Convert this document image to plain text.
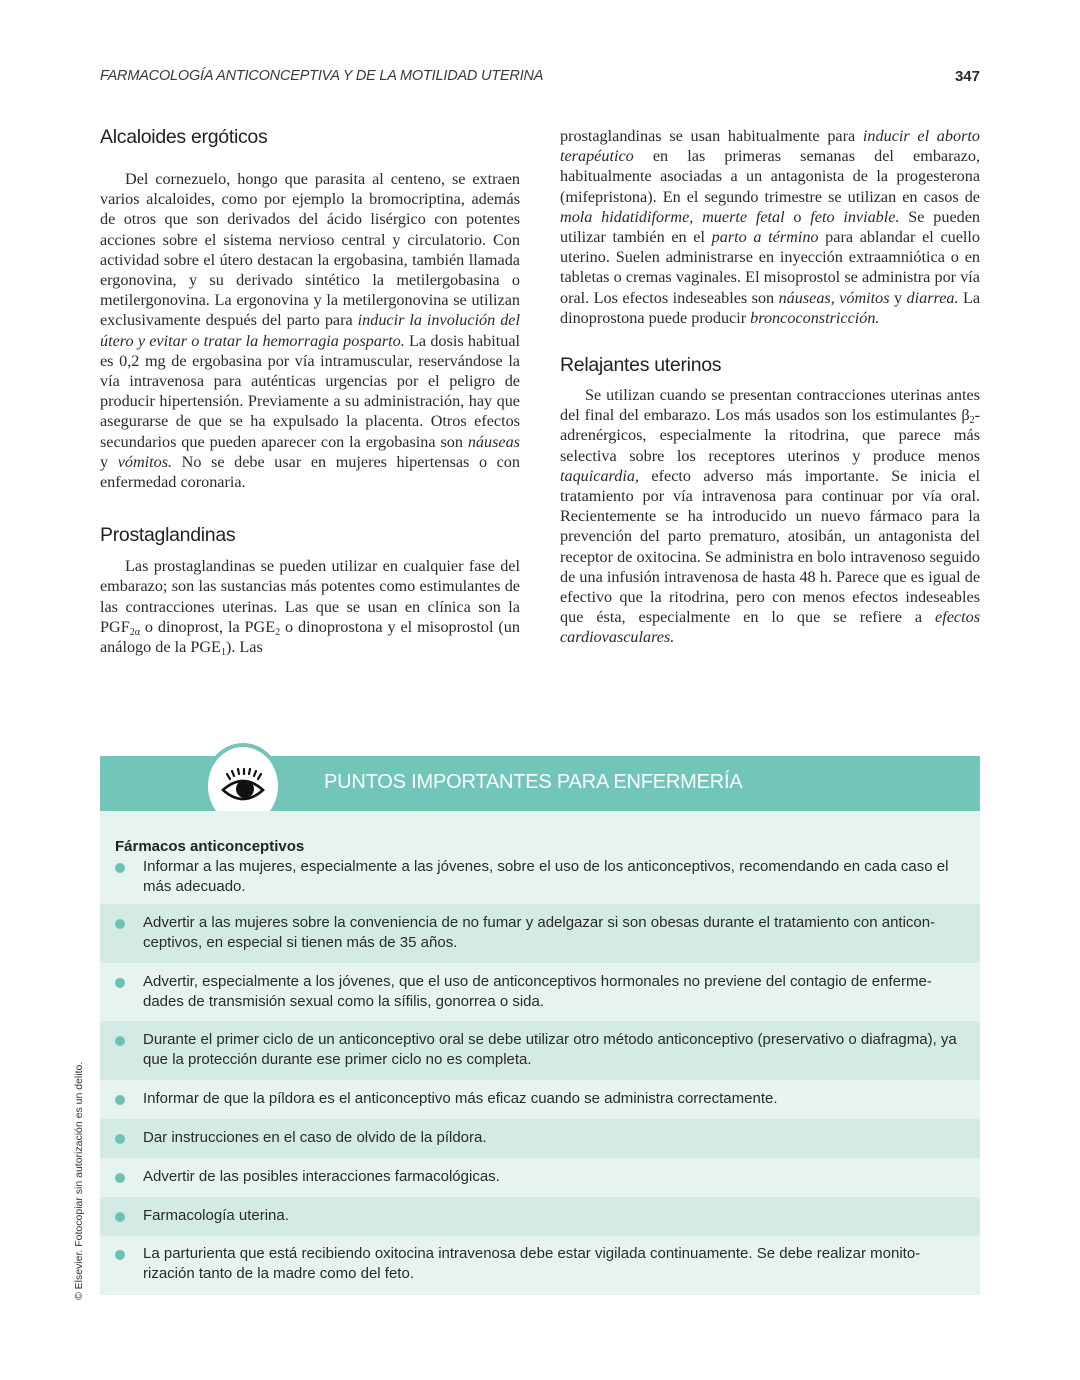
FARMACOLOGÍA ANTICONCEPTIVA Y DE LA MOTILIDAD UTERINA	347
Alcaloides ergóticos

Del cornezuelo, hongo que parasita al centeno, se extraen varios alcaloides, como por ejemplo la bromocriptina, además de otros que son derivados del ácido lisérgico con potentes acciones sobre el sistema nervioso central y circulatorio. Con actividad sobre el útero destacan la ergobasina, también llamada ergonovina, y su derivado sintético la metilergobasina o metilergonovina. La ergonovina y la metilergonovina se utilizan exclusivamente después del parto para inducir la involución del útero y evitar o tratar la hemorragia posparto. La dosis habitual es 0,2 mg de ergobasina por vía intramuscular, reservándose la vía intravenosa para auténticas urgencias por el peligro de producir hipertensión. Previamente a su administración, hay que asegurarse de que se ha expulsado la placenta. Otros efectos secundarios que pueden aparecer con la ergobasina son náuseas y vómitos. No se debe usar en mujeres hipertensas o con enfermedad coronaria.

Prostaglandinas

Las prostaglandinas se pueden utilizar en cualquier fase del embarazo; son las sustancias más potentes como estimulantes de las contracciones uterinas. Las que se usan en clínica son la $PGF_{2\alpha}$ o dinoprost, la $PGE_2$ o dinoprostona y el misoprostol (un análogo de la $PGE_1$). Las

prostaglandinas se usan habitualmente para inducir el aborto terapéutico en las primeras semanas del embarazo, habitualmente asociadas a un antagonista de la progesterona (mifepristona). En el segundo trimestre se utilizan en casos de mola hidatidiforme, muerte fetal o feto inviable. Se pueden utilizar también en el parto a término para ablandar el cuello uterino. Suelen administrarse en inyección extraamniótica o en tabletas o cremas vaginales. El misoprostol se administra por vía oral. Los efectos indeseables son náuseas, vómitos y diarrea. La dinoprostona puede producir broncoconstricción.

Relajantes uterinos

Se utilizan cuando se presentan contracciones uterinas antes del final del embarazo. Los más usados son los estimulantes $\beta_2$-adrenérgicos, especialmente la ritodrina, que parece más selectiva sobre los receptores uterinos y produce menos taquicardia, efecto adverso más importante. Se inicia el tratamiento por vía intravenosa para continuar por vía oral. Recientemente se ha introducido un nuevo fármaco para la prevención del parto prematuro, atosibán, un antagonista del receptor de oxitocina. Se administra en bolo intravenoso seguido de una infusión intravenosa de hasta 48 h. Parece que es igual de efectivo que la ritodrina, pero con menos efectos indeseables que ésta, especialmente en lo que se refiere a efectos cardiovasculares.

PUNTOS IMPORTANTES PARA ENFERMERÍA
Fármacos anticonceptivos
Informar a las mujeres, especialmente a las jóvenes, sobre el uso de los anticonceptivos, recomendando en cada caso el más adecuado.
Advertir a las mujeres sobre la conveniencia de no fumar y adelgazar si son obesas durante el tratamiento con anticonceptivos, en especial si tienen más de 35 años.
Advertir, especialmente a los jóvenes, que el uso de anticonceptivos hormonales no previene del contagio de enfermedades de transmisión sexual como la sífilis, gonorrea o sida.
Durante el primer ciclo de un anticonceptivo oral se debe utilizar otro método anticonceptivo (preservativo o diafragma), ya que la protección durante ese primer ciclo no es completa.
Informar de que la píldora es el anticonceptivo más eficaz cuando se administra correctamente.
Dar instrucciones en el caso de olvido de la píldora.
Advertir de las posibles interacciones farmacológicas.
Farmacología uterina.
La parturienta que está recibiendo oxitocina intravenosa debe estar vigilada continuamente. Se debe realizar monitorización tanto de la madre como del feto.
© Elsevier. Fotocopiar sin autorización es un delito.
